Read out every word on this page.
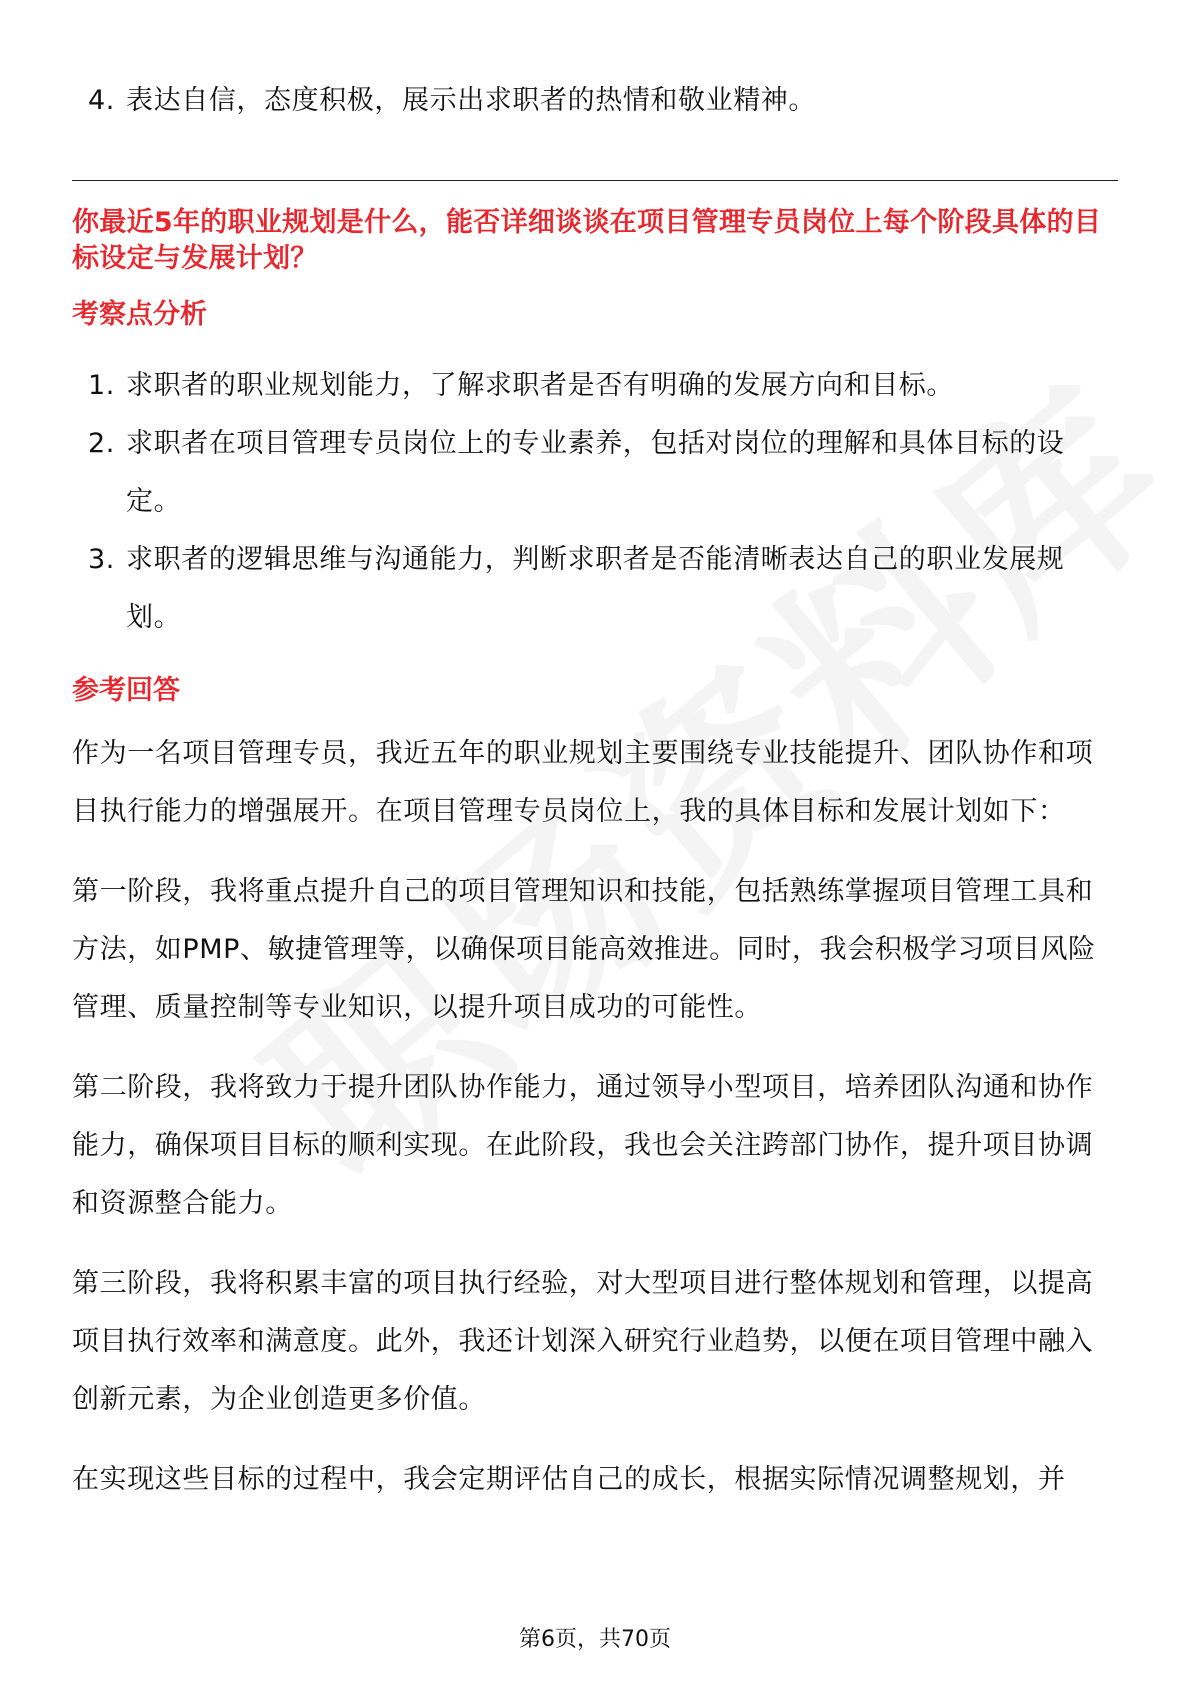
4. 表达自信，态度积极，展示出求职者的热情和敬业精神。

你最近5年的职业规划是什么，能否详细谈谈在项目管理专员岗位上每个阶段具体的目标设定与发展计划？

考察点分析
1. 求职者的职业规划能力，了解求职者是否有明确的发展方向和目标。
2. 求职者在项目管理专员岗位上的专业素养，包括对岗位的理解和具体目标的设定。
3. 求职者的逻辑思维与沟通能力，判断求职者是否能清晰表达自己的职业发展规划。
参考回答

作为一名项目管理专员，我近五年的职业规划主要围绕专业技能提升、团队协作和项目执行能力的增强展开。在项目管理专员岗位上，我的具体目标和发展计划如下：

第一阶段，我将重点提升自己的项目管理知识和技能，包括熟练掌握项目管理工具和方法，如PMP、敏捷管理等，以确保项目能高效推进。同时，我会积极学习项目风险管理、质量控制等专业知识，以提升项目成功的可能性。

第二阶段，我将致力于提升团队协作能力，通过领导小型项目，培养团队沟通和协作能力，确保项目目标的顺利实现。在此阶段，我也会关注跨部门协作，提升项目协调和资源整合能力。

第三阶段，我将积累丰富的项目执行经验，对大型项目进行整体规划和管理，以提高项目执行效率和满意度。此外，我还计划深入研究行业趋势，以便在项目管理中融入创新元素，为企业创造更多价值。

在实现这些目标的过程中，我会定期评估自己的成长，根据实际情况调整规划，并

第6页，共70页
